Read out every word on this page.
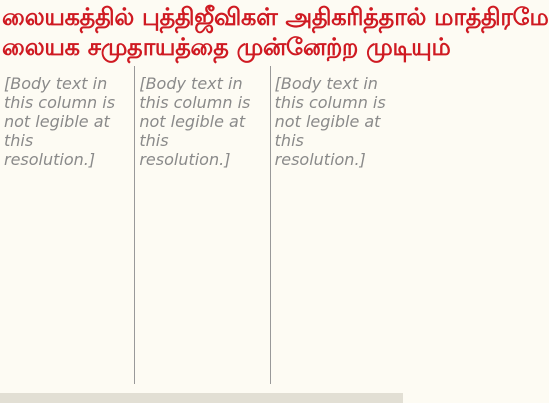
லையகத்தில் புத்திஜீவிகள் அதிகரித்தால் மாத்திரமே
லையக சமுதாயத்தை முன்னேற்ற முடியும்
[Body text in this column is not legible at this resolution.]
[Body text in this column is not legible at this resolution.]
[Body text in this column is not legible at this resolution.]
